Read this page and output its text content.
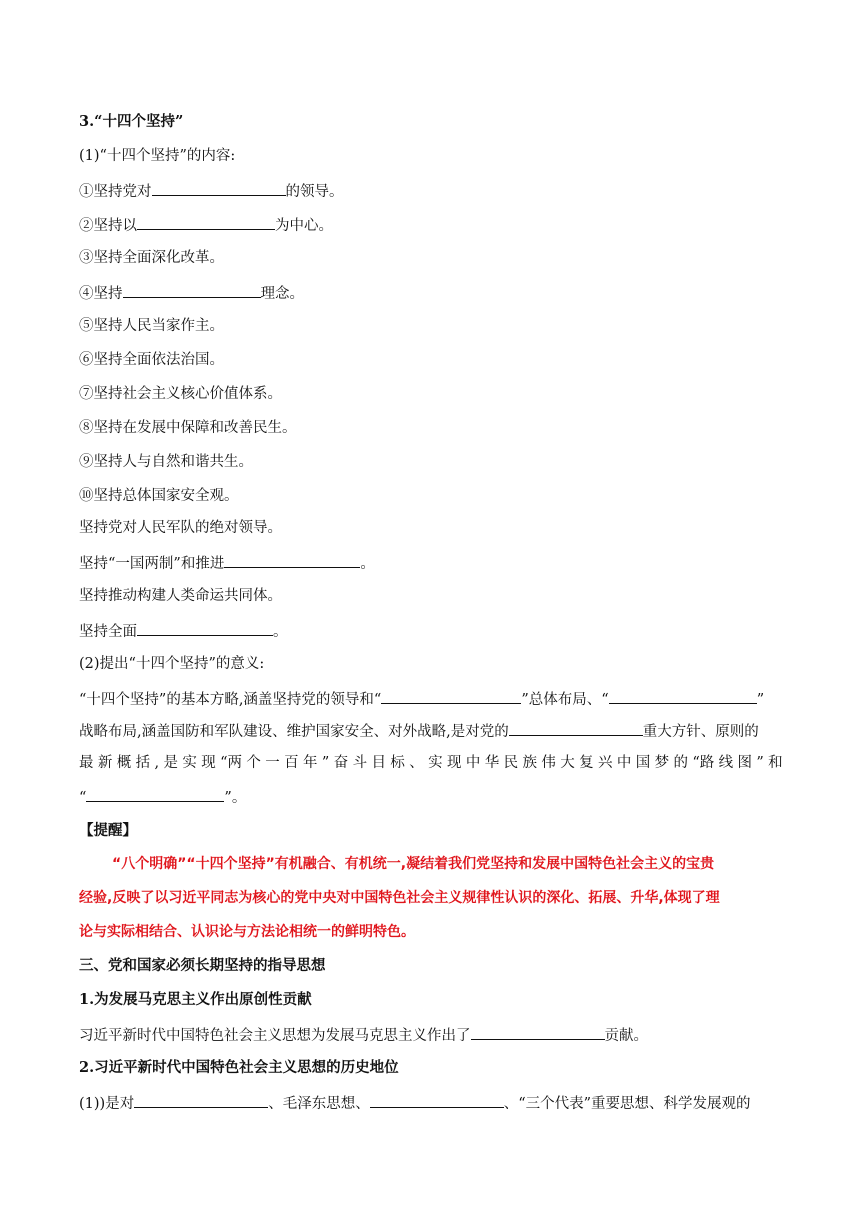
3.“十四个坚持”
(1)“十四个坚持”的内容:
①坚持党对	的领导。
②坚持以	为中心。
③坚持全面深化改革。
④坚持	理念。
⑤坚持人民当家作主。
⑥坚持全面依法治国。
⑦坚持社会主义核心价值体系。
⑧坚持在发展中保障和改善民生。
⑨坚持人与自然和谐共生。
⑩坚持总体国家安全观。
坚持党对人民军队的绝对领导。
坚持“一国两制”和推进	。
坚持推动构建人类命运共同体。
坚持全面	。
(2)提出“十四个坚持”的意义:
“十四个坚持”的基本方略,涵盖坚持党的领导和“	”总体布局、“	”
战略布局,涵盖国防和军队建设、维护国家安全、对外战略,是对党的	重大方针、原则的
最 新 概 括 , 是 实 现 “两 个 一 百 年 ” 奋 斗 目 标 、 实 现 中 华 民 族 伟 大 复 兴 中 国 梦 的 “路 线 图 ” 和
“	”。
【提醒】
“八个明确”“十四个坚持”有机融合、有机统一,凝结着我们党坚持和发展中国特色社会主义的宝贵
经验,反映了以习近平同志为核心的党中央对中国特色社会主义规律性认识的深化、拓展、升华,体现了理
论与实际相结合、认识论与方法论相统一的鲜明特色。
三、党和国家必须长期坚持的指导思想
1.为发展马克思主义作出原创性贡献
习近平新时代中国特色社会主义思想为发展马克思主义作出了	贡献。
2.习近平新时代中国特色社会主义思想的历史地位
(1))是对	、毛泽东思想、	、“三个代表”重要思想、科学发展观的
